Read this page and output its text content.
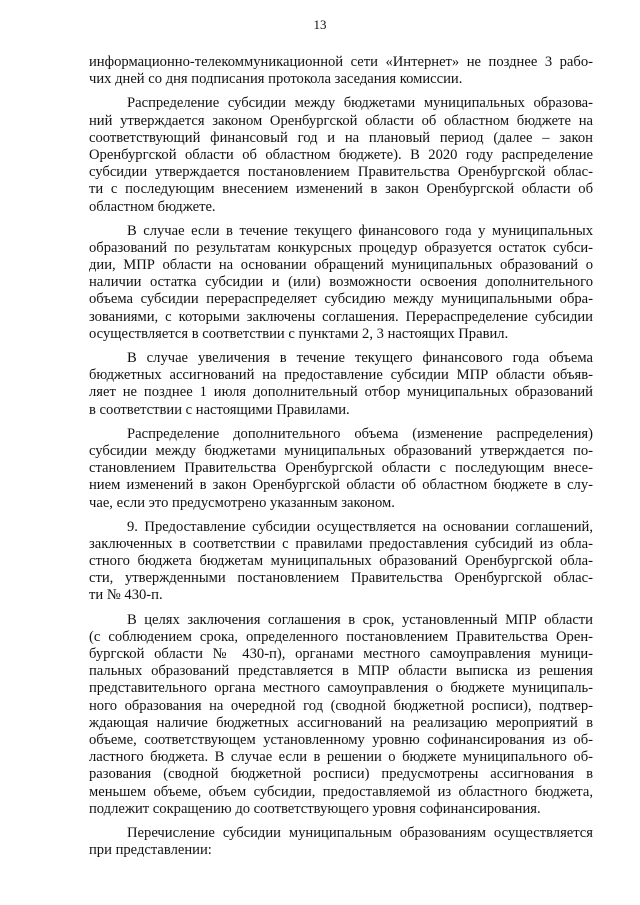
13
информационно-телекоммуникационной сети «Интернет» не позднее 3 рабо-
чих дней со дня подписания протокола заседания комиссии.
Распределение субсидии между бюджетами муниципальных образова-
ний утверждается законом Оренбургской области об областном бюджете на
соответствующий финансовый год и на плановый период (далее – закон
Оренбургской области об областном бюджете). В 2020 году распределение
субсидии утверждается постановлением Правительства Оренбургской облас-
ти с последующим внесением изменений в закон Оренбургской области об
областном бюджете.
В случае если в течение текущего финансового года у муниципальных
образований по результатам конкурсных процедур образуется остаток субси-
дии, МПР области на основании обращений муниципальных образований о
наличии остатка субсидии и (или) возможности освоения дополнительного
объема субсидии перераспределяет субсидию между муниципальными обра-
зованиями, с которыми заключены соглашения. Перераспределение субсидии
осуществляется в соответствии с пунктами 2, 3 настоящих Правил.
В случае увеличения в течение текущего финансового года объема
бюджетных ассигнований на предоставление субсидии МПР области объяв-
ляет не позднее 1 июля дополнительный отбор муниципальных образований
в соответствии с настоящими Правилами.
Распределение дополнительного объема (изменение распределения)
субсидии между бюджетами муниципальных образований утверждается по-
становлением Правительства Оренбургской области с последующим внесе-
нием изменений в закон Оренбургской области об областном бюджете в слу-
чае, если это предусмотрено указанным законом.
9. Предоставление субсидии осуществляется на основании соглашений,
заключенных в соответствии с правилами предоставления субсидий из обла-
стного бюджета бюджетам муниципальных образований Оренбургской обла-
сти, утвержденными постановлением Правительства Оренбургской облас-
ти № 430-п.
В целях заключения соглашения в срок, установленный МПР области
(с соблюдением срока, определенного постановлением Правительства Орен-
бургской области № 430-п), органами местного самоуправления муници-
пальных образований представляется в МПР области выписка из решения
представительного органа местного самоуправления о бюджете муниципаль-
ного образования на очередной год (сводной бюджетной росписи), подтвер-
ждающая наличие бюджетных ассигнований на реализацию мероприятий в
объеме, соответствующем установленному уровню софинансирования из об-
ластного бюджета. В случае если в решении о бюджете муниципального об-
разования (сводной бюджетной росписи) предусмотрены ассигнования в
меньшем объеме, объем субсидии, предоставляемой из областного бюджета,
подлежит сокращению до соответствующего уровня софинансирования.
Перечисление субсидии муниципальным образованиям осуществляется
при представлении:
